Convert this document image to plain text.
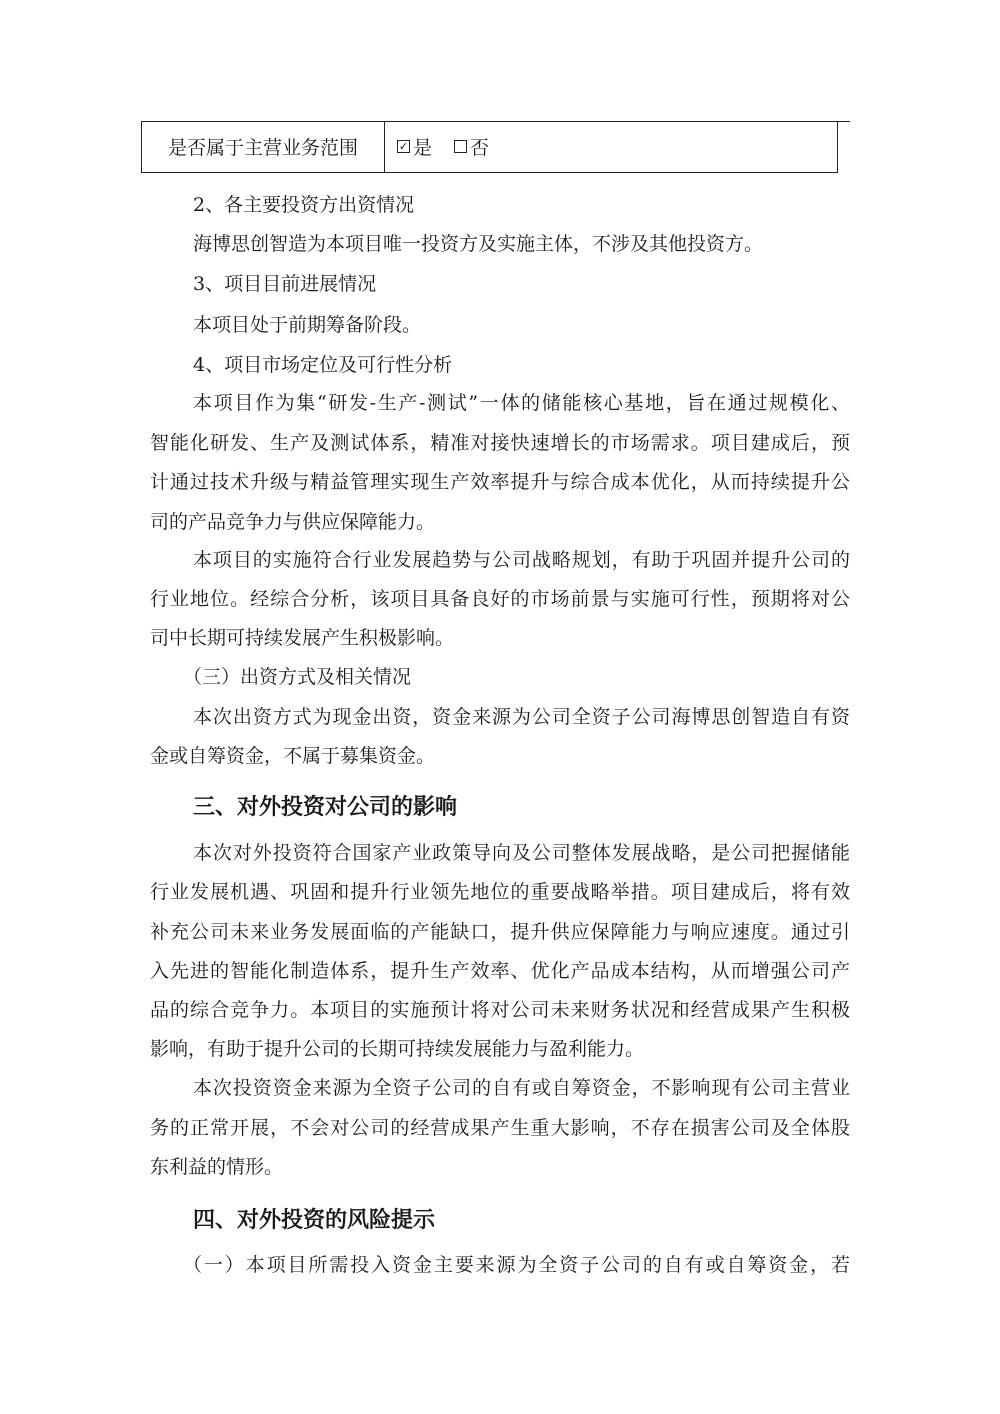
是否属于主营业务范围	✓ 是 否
2、各主要投资方出资情况
海博思创智造为本项目唯一投资方及实施主体，不涉及其他投资方。
3、项目目前进展情况
本项目处于前期筹备阶段。
4、项目市场定位及可行性分析
本项目作为集“研发-生产-测试”一体的储能核心基地，旨在通过规模化、
智能化研发、生产及测试体系，精准对接快速增长的市场需求。项目建成后，预
计通过技术升级与精益管理实现生产效率提升与综合成本优化，从而持续提升公
司的产品竞争力与供应保障能力。
本项目的实施符合行业发展趋势与公司战略规划，有助于巩固并提升公司的
行业地位。经综合分析，该项目具备良好的市场前景与实施可行性，预期将对公
司中长期可持续发展产生积极影响。
（三）出资方式及相关情况
本次出资方式为现金出资，资金来源为公司全资子公司海博思创智造自有资
金或自筹资金，不属于募集资金。
三、对外投资对公司的影响
本次对外投资符合国家产业政策导向及公司整体发展战略，是公司把握储能
行业发展机遇、巩固和提升行业领先地位的重要战略举措。项目建成后，将有效
补充公司未来业务发展面临的产能缺口，提升供应保障能力与响应速度。通过引
入先进的智能化制造体系，提升生产效率、优化产品成本结构，从而增强公司产
品的综合竞争力。本项目的实施预计将对公司未来财务状况和经营成果产生积极
影响，有助于提升公司的长期可持续发展能力与盈利能力。
本次投资资金来源为全资子公司的自有或自筹资金，不影响现有公司主营业
务的正常开展，不会对公司的经营成果产生重大影响，不存在损害公司及全体股
东利益的情形。
四、对外投资的风险提示
（一）本项目所需投入资金主要来源为全资子公司的自有或自筹资金，若
